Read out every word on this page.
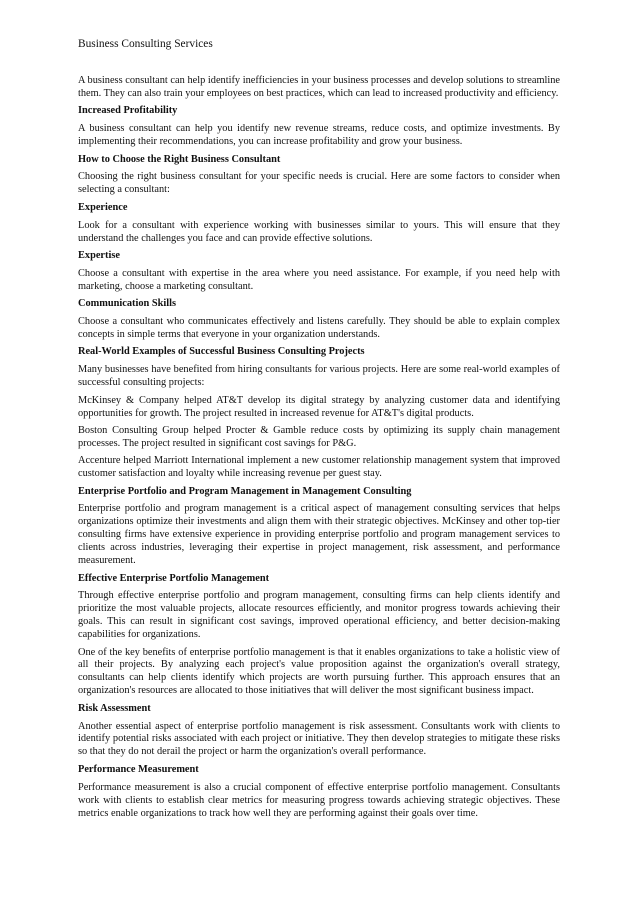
Business Consulting Services

A business consultant can help identify inefficiencies in your business processes and develop solutions to streamline them. They can also train your employees on best practices, which can lead to increased productivity and efficiency.

Increased Profitability

A business consultant can help you identify new revenue streams, reduce costs, and optimize investments. By implementing their recommendations, you can increase profitability and grow your business.

How to Choose the Right Business Consultant

Choosing the right business consultant for your specific needs is crucial. Here are some factors to consider when selecting a consultant:

Experience

Look for a consultant with experience working with businesses similar to yours. This will ensure that they understand the challenges you face and can provide effective solutions.

Expertise

Choose a consultant with expertise in the area where you need assistance. For example, if you need help with marketing, choose a marketing consultant.

Communication Skills

Choose a consultant who communicates effectively and listens carefully. They should be able to explain complex concepts in simple terms that everyone in your organization understands.

Real-World Examples of Successful Business Consulting Projects

Many businesses have benefited from hiring consultants for various projects. Here are some real-world examples of successful consulting projects:

McKinsey & Company helped AT&T develop its digital strategy by analyzing customer data and identifying opportunities for growth. The project resulted in increased revenue for AT&T's digital products.

Boston Consulting Group helped Procter & Gamble reduce costs by optimizing its supply chain management processes. The project resulted in significant cost savings for P&G.

Accenture helped Marriott International implement a new customer relationship management system that improved customer satisfaction and loyalty while increasing revenue per guest stay.

Enterprise Portfolio and Program Management in Management Consulting

Enterprise portfolio and program management is a critical aspect of management consulting services that helps organizations optimize their investments and align them with their strategic objectives. McKinsey and other top-tier consulting firms have extensive experience in providing enterprise portfolio and program management services to clients across industries, leveraging their expertise in project management, risk assessment, and performance measurement.

Effective Enterprise Portfolio Management

Through effective enterprise portfolio and program management, consulting firms can help clients identify and prioritize the most valuable projects, allocate resources efficiently, and monitor progress towards achieving their goals. This can result in significant cost savings, improved operational efficiency, and better decision-making capabilities for organizations.

One of the key benefits of enterprise portfolio management is that it enables organizations to take a holistic view of all their projects. By analyzing each project's value proposition against the organization's overall strategy, consultants can help clients identify which projects are worth pursuing further. This approach ensures that an organization's resources are allocated to those initiatives that will deliver the most significant business impact.

Risk Assessment

Another essential aspect of enterprise portfolio management is risk assessment. Consultants work with clients to identify potential risks associated with each project or initiative. They then develop strategies to mitigate these risks so that they do not derail the project or harm the organization's overall performance.

Performance Measurement

Performance measurement is also a crucial component of effective enterprise portfolio management. Consultants work with clients to establish clear metrics for measuring progress towards achieving strategic objectives. These metrics enable organizations to track how well they are performing against their goals over time.
